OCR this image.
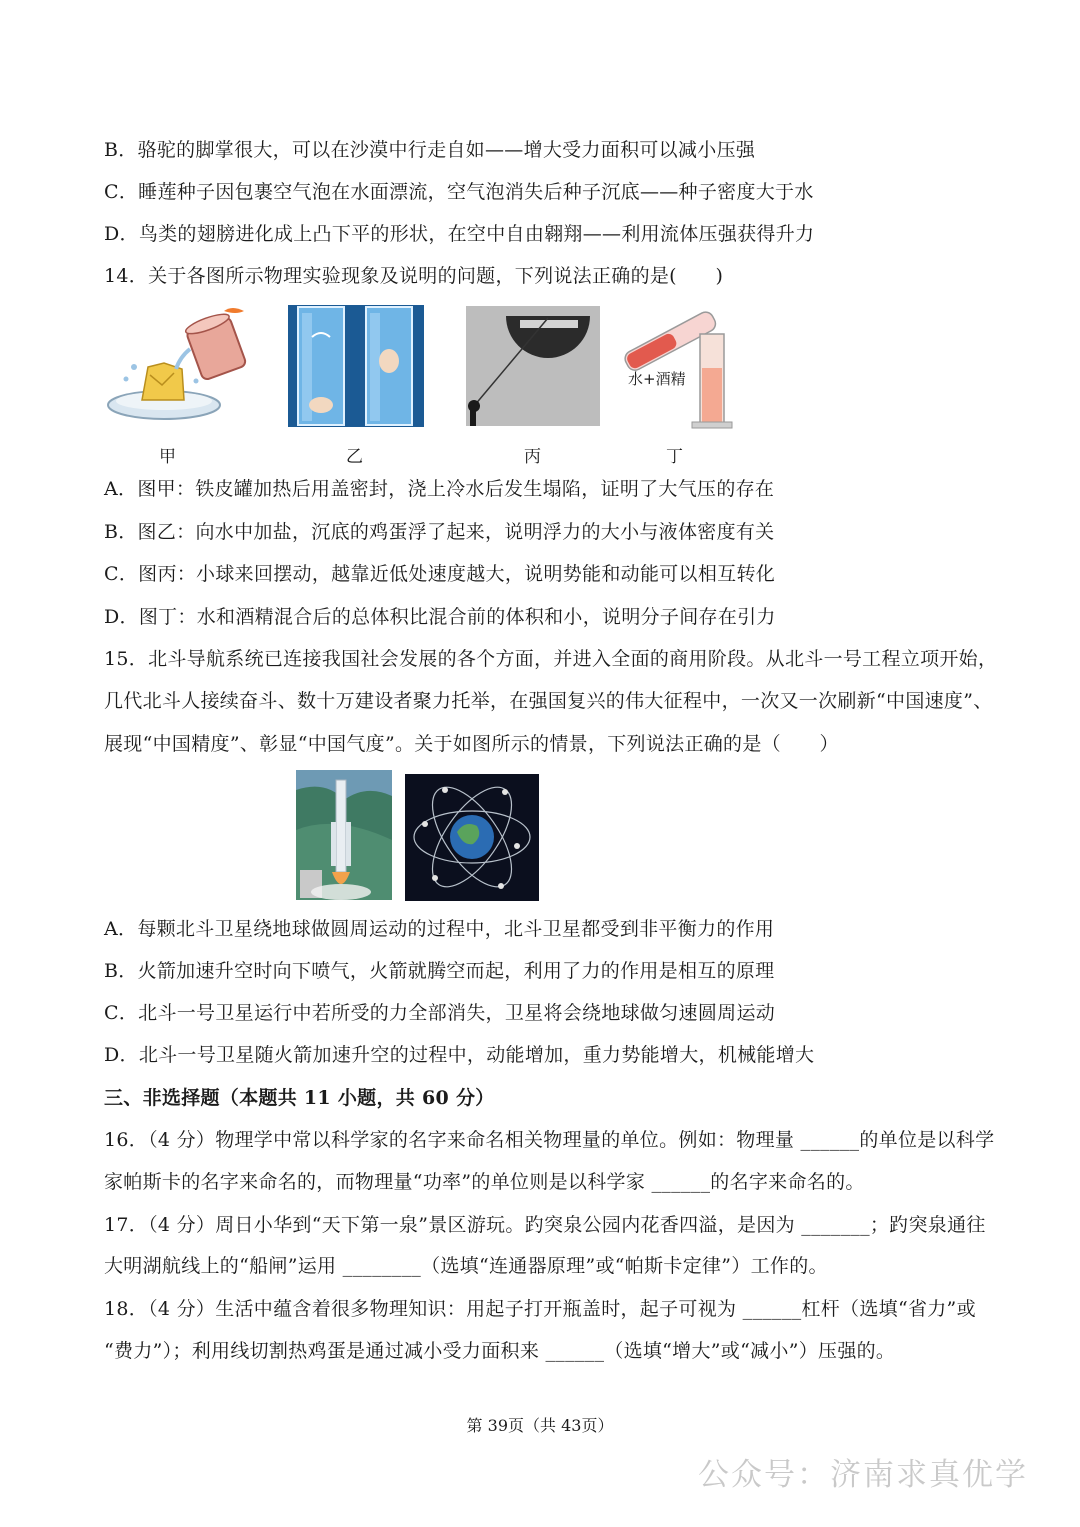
B．骆驼的脚掌很大，可以在沙漠中行走自如——增大受力面积可以减小压强
C．睡莲种子因包裹空气泡在水面漂流，空气泡消失后种子沉底——种子密度大于水
D．鸟类的翅膀进化成上凸下平的形状，在空中自由翱翔——利用流体压强获得升力
14．关于各图所示物理实验现象及说明的问题，下列说法正确的是(　　)
水+酒精
甲	乙	丙	丁
A．图甲：铁皮罐加热后用盖密封，浇上冷水后发生塌陷，证明了大气压的存在
B．图乙：向水中加盐，沉底的鸡蛋浮了起来，说明浮力的大小与液体密度有关
C．图丙：小球来回摆动，越靠近低处速度越大，说明势能和动能可以相互转化
D．图丁：水和酒精混合后的总体积比混合前的体积和小，说明分子间存在引力
15．北斗导航系统已连接我国社会发展的各个方面，并进入全面的商用阶段。从北斗一号工程立项开始，
几代北斗人接续奋斗、数十万建设者聚力托举，在强国复兴的伟大征程中，一次又一次刷新“中国速度”、
展现“中国精度”、彰显“中国气度”。关于如图所示的情景，下列说法正确的是（　　）
A．每颗北斗卫星绕地球做圆周运动的过程中，北斗卫星都受到非平衡力的作用
B．火箭加速升空时向下喷气，火箭就腾空而起，利用了力的作用是相互的原理
C．北斗一号卫星运行中若所受的力全部消失，卫星将会绕地球做匀速圆周运动
D．北斗一号卫星随火箭加速升空的过程中，动能增加，重力势能增大，机械能增大
三、非选择题（本题共 11 小题，共 60 分）
16．（4 分）物理学中常以科学家的名字来命名相关物理量的单位。例如：物理量 ______的单位是以科学
家帕斯卡的名字来命名的，而物理量“功率”的单位则是以科学家 ______的名字来命名的。
17．（4 分）周日小华到“天下第一泉”景区游玩。趵突泉公园内花香四溢，是因为 _______；趵突泉通往
大明湖航线上的“船闸”运用 ________（选填“连通器原理”或“帕斯卡定律”）工作的。
18．（4 分）生活中蕴含着很多物理知识：用起子打开瓶盖时，起子可视为 ______杠杆（选填“省力”或
“费力”）；利用线切割热鸡蛋是通过减小受力面积来 ______（选填“增大”或“减小”）压强的。
第 39页（共 43页）
公众号：济南求真优学
